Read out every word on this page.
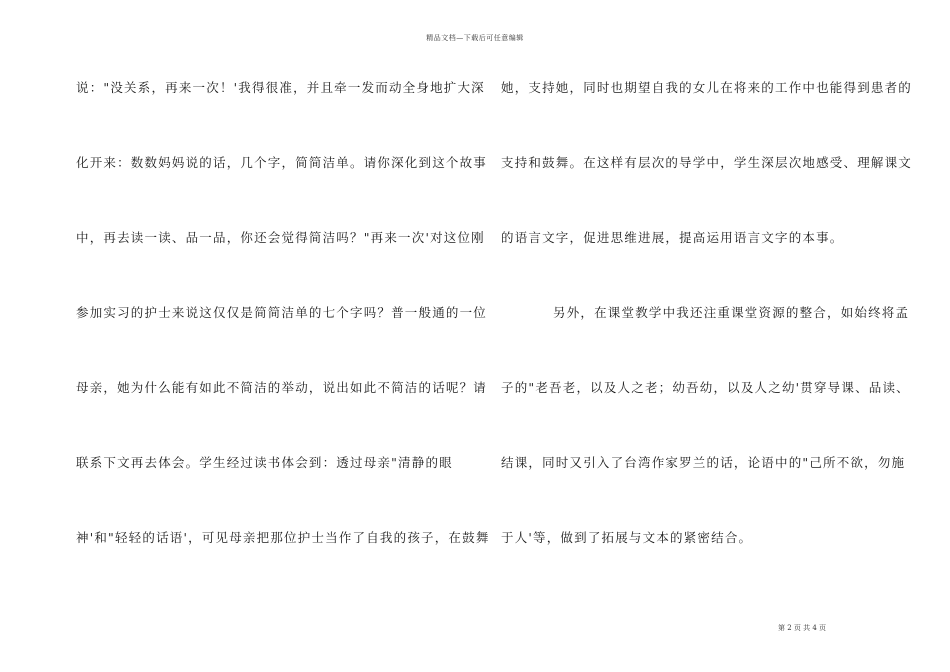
精品文档—下载后可任意编辑
说："没关系，再来一次！'我得很准，并且牵一发而动全身地扩大深
化开来：数数妈妈说的话，几个字，简简洁单。请你深化到这个故事
中，再去读一读、品一品，你还会觉得简洁吗？"再来一次'对这位刚
参加实习的护士来说这仅仅是简简洁单的七个字吗？普一般通的一位
母亲，她为什么能有如此不简洁的举动，说出如此不简洁的话呢？请
联系下文再去体会。学生经过读书体会到：透过母亲"清静的眼
神'和"轻轻的话语'，可见母亲把那位护士当作了自我的孩子，在鼓舞
她，支持她，同时也期望自我的女儿在将来的工作中也能得到患者的
支持和鼓舞。在这样有层次的导学中，学生深层次地感受、理解课文
的语言文字，促进思维进展，提高运用语言文字的本事。
另外，在课堂教学中我还注重课堂资源的整合，如始终将孟
子的"老吾老，以及人之老；幼吾幼，以及人之幼'贯穿导课、品读、
结课，同时又引入了台湾作家罗兰的话，论语中的"己所不欲，勿施
于人'等，做到了拓展与文本的紧密结合。
第 2 页 共 4 页
